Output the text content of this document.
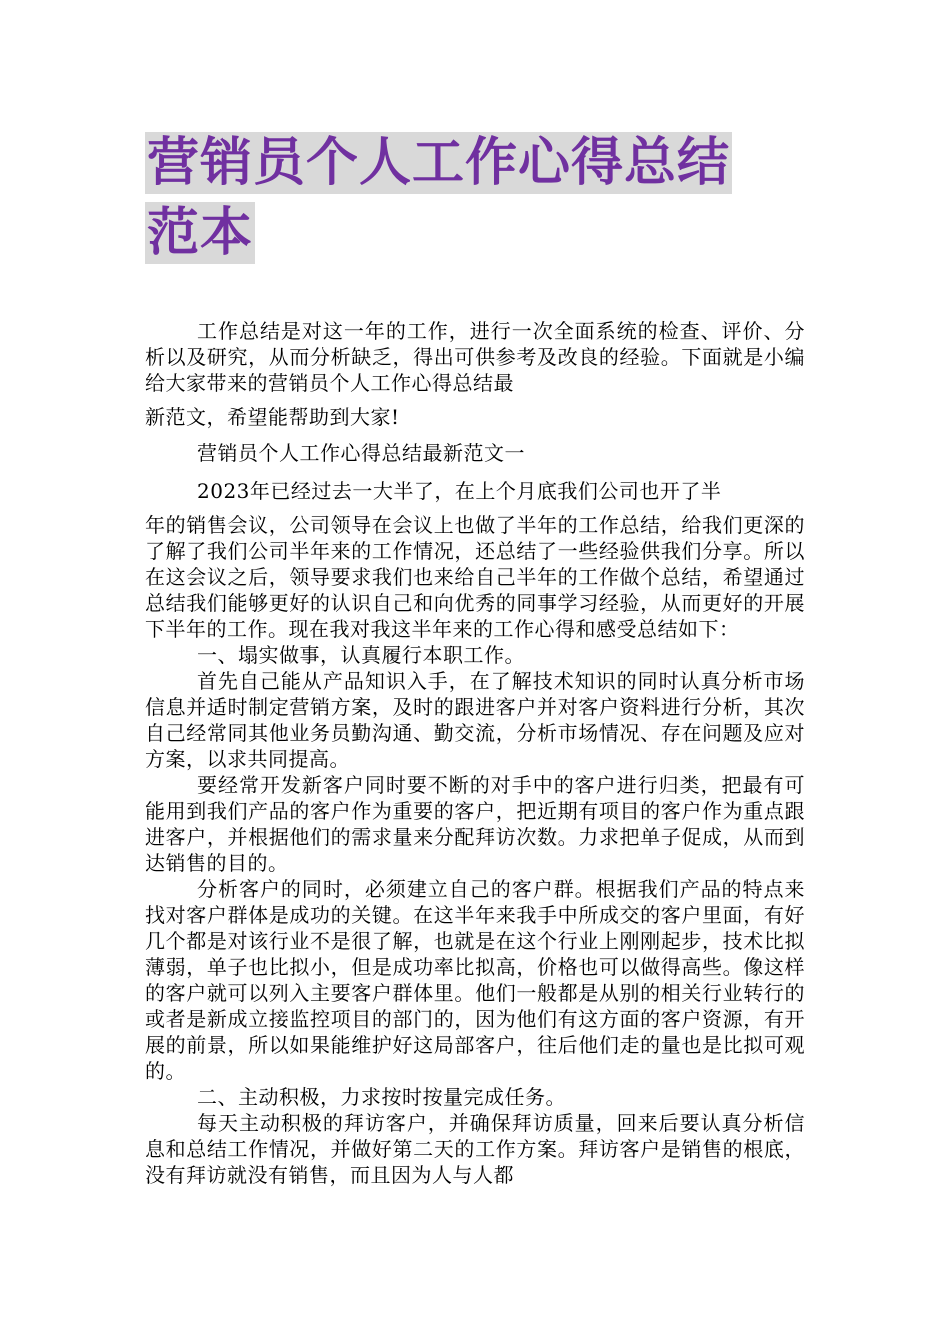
营销员个人工作心得总结
范本

工作总结是对这一年的工作，进行一次全面系统的检查、评价、分析以及研究，从而分析缺乏，得出可供参考及改良的经验。下面就是小编给大家带来的营销员个人工作心得总结最

新范文，希望能帮助到大家!

营销员个人工作心得总结最新范文一

2023年已经过去一大半了，在上个月底我们公司也开了半

年的销售会议，公司领导在会议上也做了半年的工作总结，给我们更深的了解了我们公司半年来的工作情况，还总结了一些经验供我们分享。所以在这会议之后，领导要求我们也来给自己半年的工作做个总结，希望通过总结我们能够更好的认识自己和向优秀的同事学习经验，从而更好的开展下半年的工作。现在我对我这半年来的工作心得和感受总结如下：

一、塌实做事，认真履行本职工作。

首先自己能从产品知识入手，在了解技术知识的同时认真分析市场信息并适时制定营销方案，及时的跟进客户并对客户资料进行分析，其次自己经常同其他业务员勤沟通、勤交流，分析市场情况、存在问题及应对方案，以求共同提高。

要经常开发新客户同时要不断的对手中的客户进行归类，把最有可能用到我们产品的客户作为重要的客户，把近期有项目的客户作为重点跟进客户，并根据他们的需求量来分配拜访次数。力求把单子促成，从而到达销售的目的。

分析客户的同时，必须建立自己的客户群。根据我们产品的特点来找对客户群体是成功的关键。在这半年来我手中所成交的客户里面，有好几个都是对该行业不是很了解，也就是在这个行业上刚刚起步，技术比拟薄弱，单子也比拟小，但是成功率比拟高，价格也可以做得高些。像这样的客户就可以列入主要客户群体里。他们一般都是从别的相关行业转行的或者是新成立接监控项目的部门的，因为他们有这方面的客户资源，有开展的前景，所以如果能维护好这局部客户，往后他们走的量也是比拟可观的。

二、主动积极，力求按时按量完成任务。

每天主动积极的拜访客户，并确保拜访质量，回来后要认真分析信息和总结工作情况，并做好第二天的工作方案。拜访客户是销售的根底，没有拜访就没有销售，而且因为人与人都
